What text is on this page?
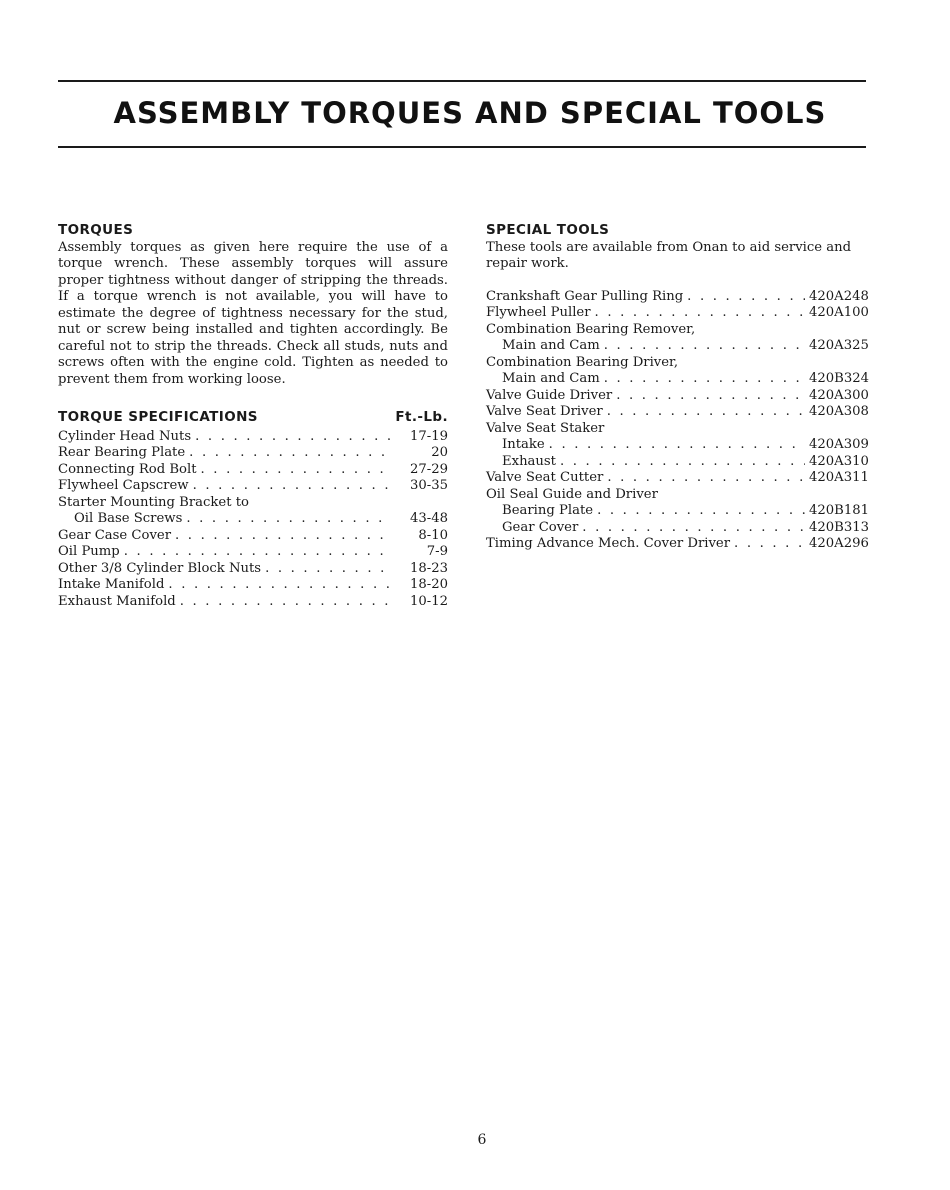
ASSEMBLY TORQUES AND SPECIAL TOOLS
TORQUES

Assembly torques as given here require the use of a torque wrench. These assembly torques will assure proper tightness without danger of stripping the threads. If a torque wrench is not available, you will have to estimate the degree of tightness necessary for the stud, nut or screw being installed and tighten accordingly. Be careful not to strip the threads. Check all studs, nuts and screws often with the engine cold. Tighten as needed to prevent them from working loose.

TORQUE SPECIFICATIONS	Ft.-Lb.
Cylinder Head Nuts . . .	17-19
Rear Bearing Plate . . .	20
Connecting Rod Bolt . . .	27-29
Flywheel Capscrew . . .	30-35
Starter Mounting Bracket to
Oil Base Screws . . .	43-48
Gear Case Cover . . .	8-10
Oil Pump . . .	7-9
Other 3/8 Cylinder Block Nuts . . .	18-23
Intake Manifold . . .	18-20
Exhaust Manifold . . .	10-12
SPECIAL TOOLS

These tools are available from Onan to aid service and repair work.

Crankshaft Gear Pulling Ring . . .	420A248
Flywheel Puller . . .	420A100
Combination Bearing Remover,
Main and Cam . . .	420A325
Combination Bearing Driver,
Main and Cam . . .	420B324
Valve Guide Driver . . .	420A300
Valve Seat Driver . . .	420A308
Valve Seat Staker
Intake . . .	420A309
Exhaust . . .	420A310
Valve Seat Cutter . . .	420A311
Oil Seal Guide and Driver
Bearing Plate . . .	420B181
Gear Cover . . .	420B313
Timing Advance Mech. Cover Driver . . .	420A296
6
